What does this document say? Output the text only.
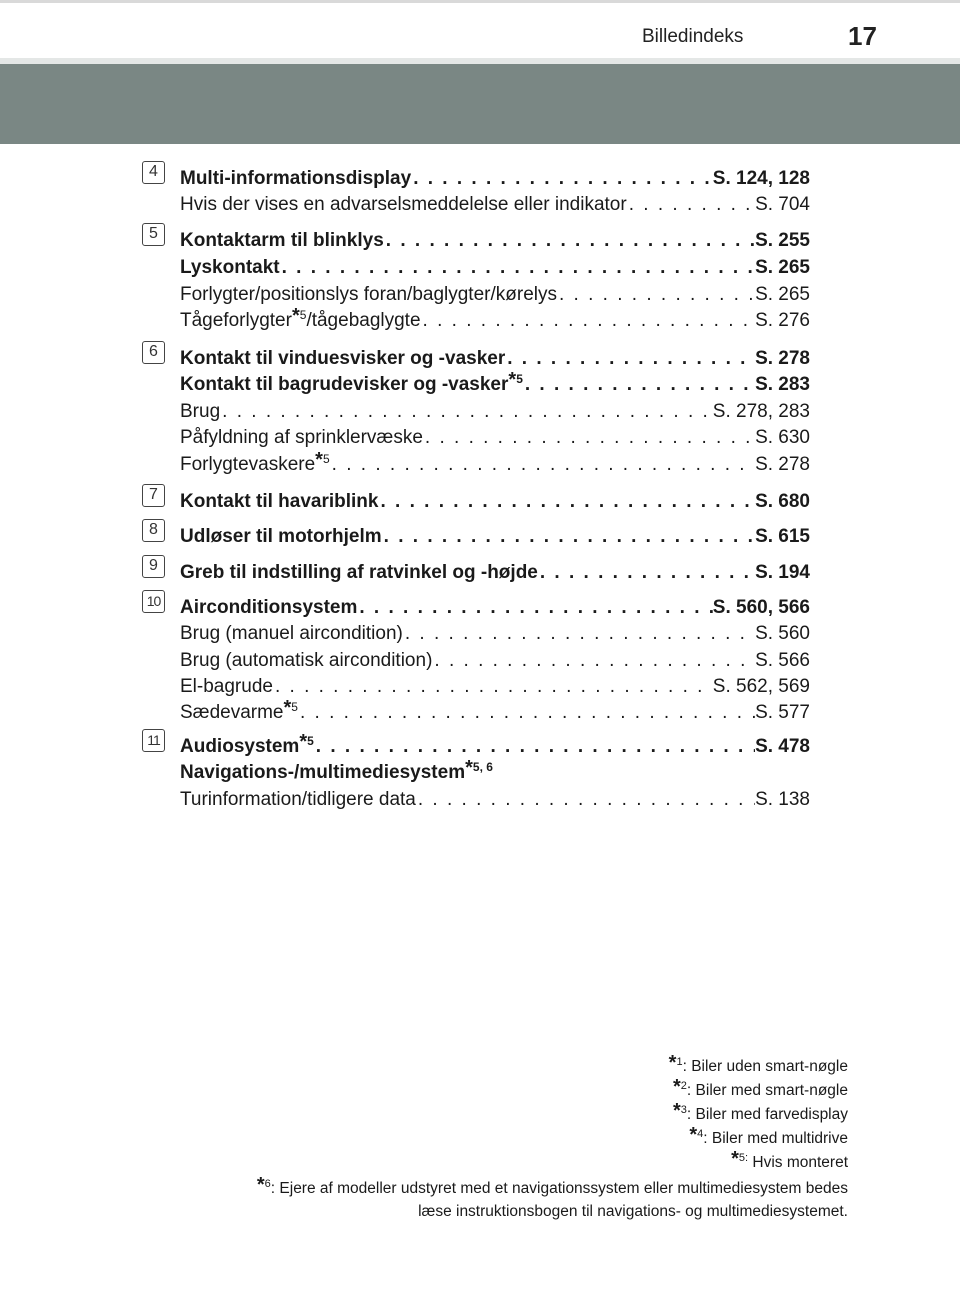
Billedindeks	17
4	Multi-informationsdisplay . . .	S. 124, 128
Hvis der vises en advarselsmeddelelse eller indikator . . .	S. 704
5	Kontaktarm til blinklys . . .	S. 255
Lyskontakt . . .	S. 265
Forlygter/positionslys foran/baglygter/kørelys . . .	S. 265
Tågeforlygter$^{*5}$/tågebaglygte . . .	S. 276
6	Kontakt til vinduesvisker og -vasker . . .	S. 278
Kontakt til bagrudevisker og -vasker$^{*5}$ . . .	S. 283
Brug . . .	S. 278, 283
Påfyldning af sprinklervæske . . .	S. 630
Forlygtevaskere$^{*5}$ . . .	S. 278
7	Kontakt til havariblink . . .	S. 680
8	Udløser til motorhjelm . . .	S. 615
9	Greb til indstilling af ratvinkel og -højde . . .	S. 194
10 Airconditionsystem . . .	S. 560, 566
Brug (manuel aircondition) . . .	S. 560
Brug (automatisk aircondition) . . .	S. 566
El-bagrude . . .	S. 562, 569
Sædevarme$^{*5}$ . . .	S. 577
11 Audiosystem$^{*5}$ . . .	S. 478
Navigations-/multimediesystem$^{*5, 6}$
Turinformation/tidligere data . . .	S. 138
*$^1$: Biler uden smart-nøgle
*$^2$: Biler med smart-nøgle
*$^3$: Biler med farvedisplay
*$^4$: Biler med multidrive
*$^{5:}$ Hvis monteret
*$^6$: Ejere af modeller udstyret med et navigationssystem eller multimediesystem bedes
læse instruktionsbogen til navigations- og multimediesystemet.
